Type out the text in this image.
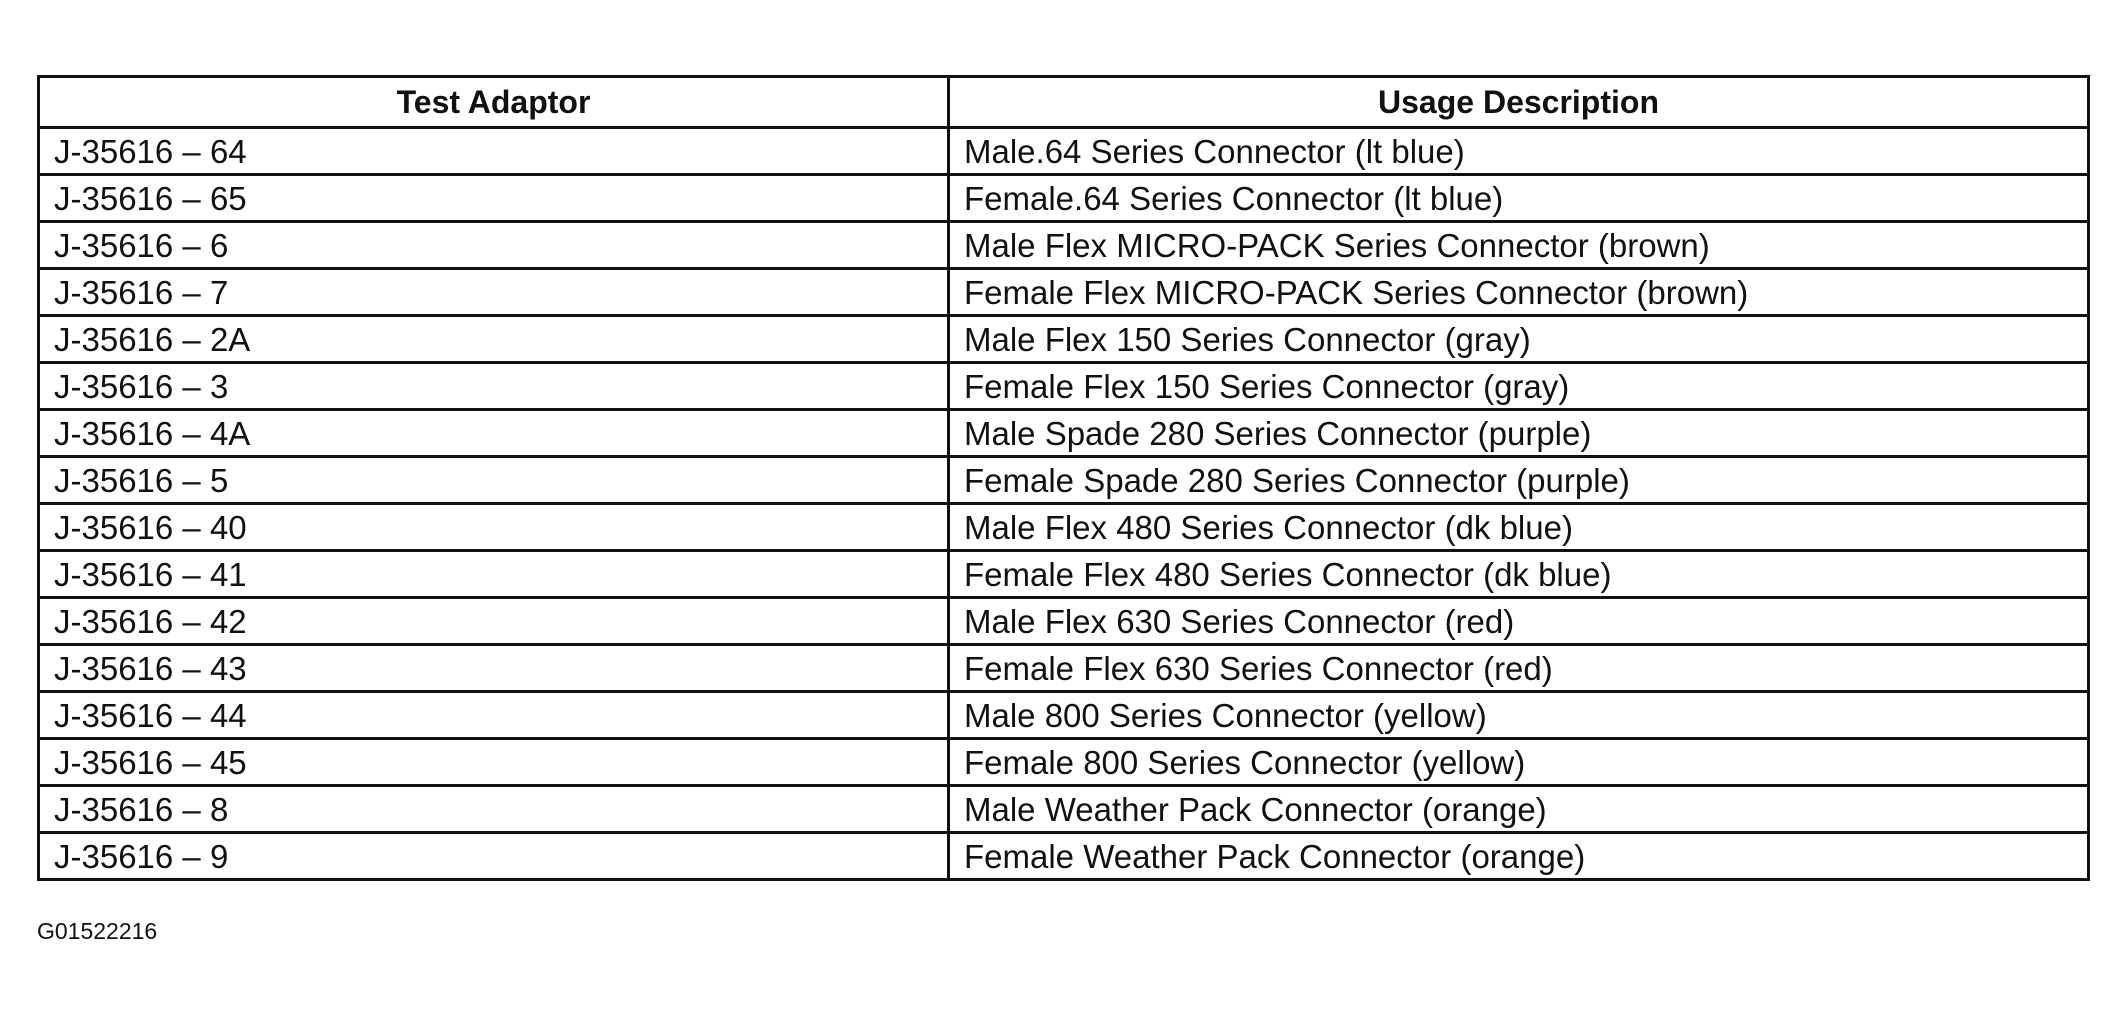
Test Adaptor	Usage Description
J-35616 – 64	Male.64 Series Connector (lt blue)
J-35616 – 65	Female.64 Series Connector (lt blue)
J-35616 – 6	Male Flex MICRO-PACK Series Connector (brown)
J-35616 – 7	Female Flex MICRO-PACK Series Connector (brown)
J-35616 – 2A	Male Flex 150 Series Connector (gray)
J-35616 – 3	Female Flex 150 Series Connector (gray)
J-35616 – 4A	Male Spade 280 Series Connector (purple)
J-35616 – 5	Female Spade 280 Series Connector (purple)
J-35616 – 40	Male Flex 480 Series Connector (dk blue)
J-35616 – 41	Female Flex 480 Series Connector (dk blue)
J-35616 – 42	Male Flex 630 Series Connector (red)
J-35616 – 43	Female Flex 630 Series Connector (red)
J-35616 – 44	Male 800 Series Connector (yellow)
J-35616 – 45	Female 800 Series Connector (yellow)
J-35616 – 8	Male Weather Pack Connector (orange)
J-35616 – 9	Female Weather Pack Connector (orange)
G01522216
